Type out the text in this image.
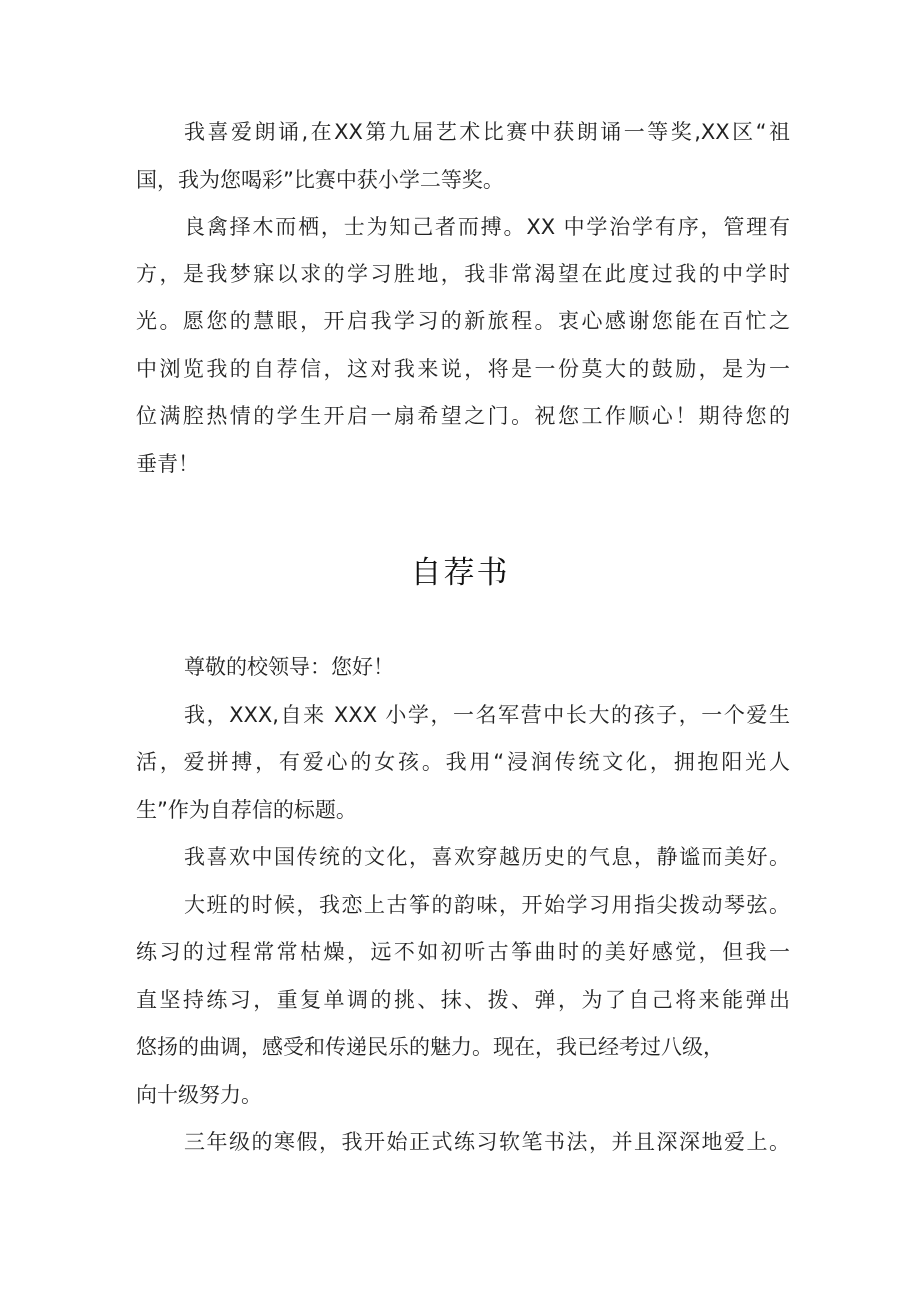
我喜爱朗诵,在XX第九届艺术比赛中获朗诵一等奖,XX区“祖
国，我为您喝彩”比赛中获小学二等奖。
良禽择木而栖，士为知己者而搏。XX 中学治学有序，管理有
方，是我梦寐以求的学习胜地，我非常渴望在此度过我的中学时
光。愿您的慧眼，开启我学习的新旅程。衷心感谢您能在百忙之
中浏览我的自荐信，这对我来说，将是一份莫大的鼓励，是为一
位满腔热情的学生开启一扇希望之门。祝您工作顺心！期待您的
垂青！
自荐书
尊敬的校领导：您好！
我，XXX,自来 XXX 小学，一名军营中长大的孩子，一个爱生
活，爱拼搏，有爱心的女孩。我用“浸润传统文化，拥抱阳光人
生”作为自荐信的标题。
我喜欢中国传统的文化，喜欢穿越历史的气息，静谧而美好。
大班的时候，我恋上古筝的韵味，开始学习用指尖拨动琴弦。
练习的过程常常枯燥，远不如初听古筝曲时的美好感觉，但我一
直坚持练习，重复单调的挑、抹、拨、弹，为了自己将来能弹出
悠扬的曲调，感受和传递民乐的魅力。现在，我已经考过八级，
向十级努力。
三年级的寒假，我开始正式练习软笔书法，并且深深地爱上。
